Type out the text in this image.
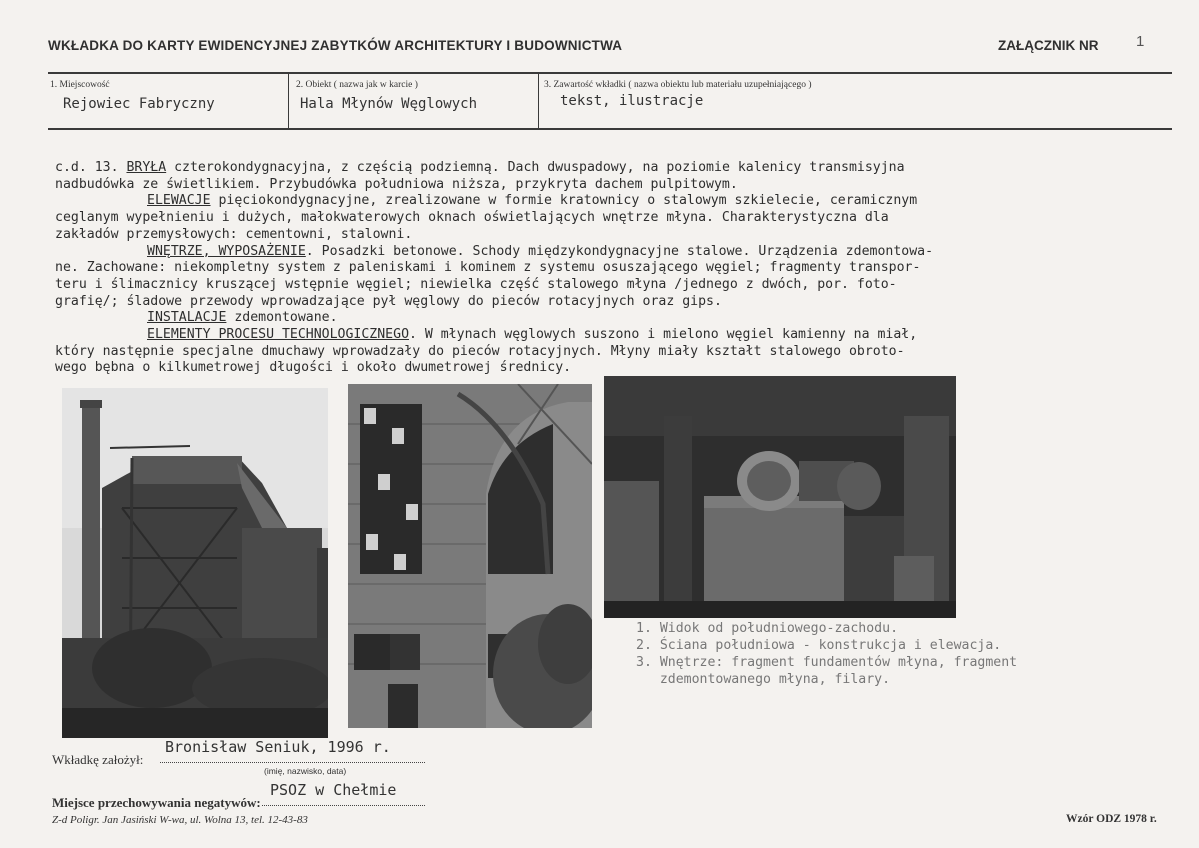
WKŁADKA DO KARTY EWIDENCYJNEJ ZABYTKÓW ARCHITEKTURY I BUDOWNICTWA	ZAŁĄCZNIK NR	1
1. Miejscowość
Rejowiec Fabryczny
2. Obiekt ( nazwa jak w karcie )
Hala Młynów Węglowych
3. Zawartość wkładki ( nazwa obiektu lub materiału uzupełniającego )
tekst, ilustracje

c.d. 13. BRYŁA czterokondygnacyjna, z częścią podziemną. Dach dwuspadowy, na poziomie kalenicy transmisyjna

nadbudówka ze świetlikiem. Przybudówka południowa niższa, przykryta dachem pulpitowym.

ELEWACJE pięciokondygnacyjne, zrealizowane w formie kratownicy o stalowym szkielecie, ceramicznym

ceglanym wypełnieniu i dużych, małokwaterowych oknach oświetlających wnętrze młyna. Charakterystyczna dla

zakładów przemysłowych: cementowni, stalowni.

WNĘTRZE, WYPOSAŻENIE. Posadzki betonowe. Schody międzykondygnacyjne stalowe. Urządzenia zdemontowa-

ne. Zachowane: niekompletny system z paleniskami i kominem z systemu osuszającego węgiel; fragmenty transpor-

teru i ślimacznicy kruszącej wstępnie węgiel; niewielka część stalowego młyna /jednego z dwóch, por. foto-

grafię/; śladowe przewody wprowadzające pył węglowy do pieców rotacyjnych oraz gips.

INSTALACJE zdemontowane.

ELEMENTY PROCESU TECHNOLOGICZNEGO. W młynach węglowych suszono i mielono węgiel kamienny na miał,

który następnie specjalne dmuchawy wprowadzały do pieców rotacyjnych. Młyny miały kształt stalowego obroto-

wego bębna o kilkumetrowej długości i około dwumetrowej średnicy.

1. Widok od południowego-zachodu.

2. Ściana południowa - konstrukcja i elewacja.

3. Wnętrze: fragment fundamentów młyna, fragment

zdemontowanego młyna, filary.

Wkładkę założył:
Bronisław Seniuk, 1996 r.
(imię, nazwisko, data)
Miejsce przechowywania negatywów:
PSOZ w Chełmie
Z-d Poligr. Jan Jasiński W-wa, ul. Wolna 13, tel. 12-43-83	Wzór ODZ 1978 r.
